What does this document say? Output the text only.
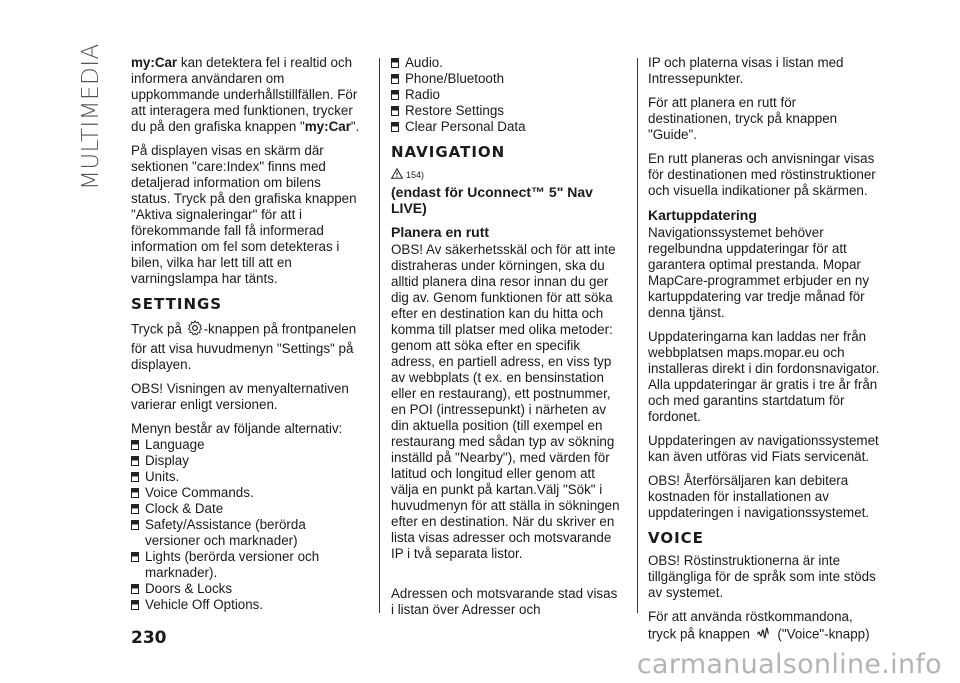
MULTIMEDIA	my:Car kan detektera fel i realtid och informera användaren om uppkommande underhållstillfällen. För att interagera med funktionen, trycker du på den grafiska knappen "my:Car".

På displayen visas en skärm där sektionen "care:Index" finns med detaljerad information om bilens status. Tryck på den grafiska knappen "Aktiva signaleringar" för att i förekommande fall få informerad information om fel som detekteras i bilen, vilka har lett till att en varningslampa har tänts.

SETTINGS

Tryck på -knappen på frontpanelen för att visa huvudmenyn "Settings" på displayen.

OBS! Visningen av menyalternativen varierar enligt versionen.

Menyn består av följande alternativ:

Language
Display
Units.
Voice Commands.
Clock & Date
Safety/Assistance (berörda versioner och marknader)
Lights (berörda versioner och marknader).
Doors & Locks
Vehicle Off Options.
Audio.
Phone/Bluetooth
Radio
Restore Settings
Clear Personal Data
NAVIGATION
154)
(endast för Uconnect™ 5" Nav LIVE)
Planera en rutt

OBS! Av säkerhetsskäl och för att inte distraheras under körningen, ska du alltid planera dina resor innan du ger dig av. Genom funktionen för att söka efter en destination kan du hitta och komma till platser med olika metoder: genom att söka efter en specifik adress, en partiell adress, en viss typ av webbplats (t ex. en bensinstation eller en restaurang), ett postnummer, en POI (intressepunkt) i närheten av din aktuella position (till exempel en restaurang med sådan typ av sökning inställd på "Nearby"), med värden för latitud och longitud eller genom att välja en punkt på kartan.Välj "Sök" i huvudmenyn för att ställa in sökningen efter en destination. När du skriver en lista visas adresser och motsvarande IP i två separata listor.

Adressen och motsvarande stad visas i listan över Adresser och

IP och platerna visas i listan med Intressepunkter.

För att planera en rutt för destinationen, tryck på knappen "Guide".

En rutt planeras och anvisningar visas för destinationen med röstinstruktioner och visuella indikationer på skärmen.

Kartuppdatering

Navigationssystemet behöver regelbundna uppdateringar för att garantera optimal prestanda. Mopar MapCare-programmet erbjuder en ny kartuppdatering var tredje månad för denna tjänst.

Uppdateringarna kan laddas ner från webbplatsen maps.mopar.eu och installeras direkt i din fordonsnavigator. Alla uppdateringar är gratis i tre år från och med garantins startdatum för fordonet.

Uppdateringen av navigationssystemet kan även utföras vid Fiats servicenät.

OBS! Återförsäljaren kan debitera kostnaden för installationen av uppdateringen i navigationssystemet.

VOICE

OBS! Röstinstruktionerna är inte tillgängliga för de språk som inte stöds av systemet.

För att använda röstkommandona,

tryck på knappen  ("Voice"-knapp)

230
carmanualsonline.info
